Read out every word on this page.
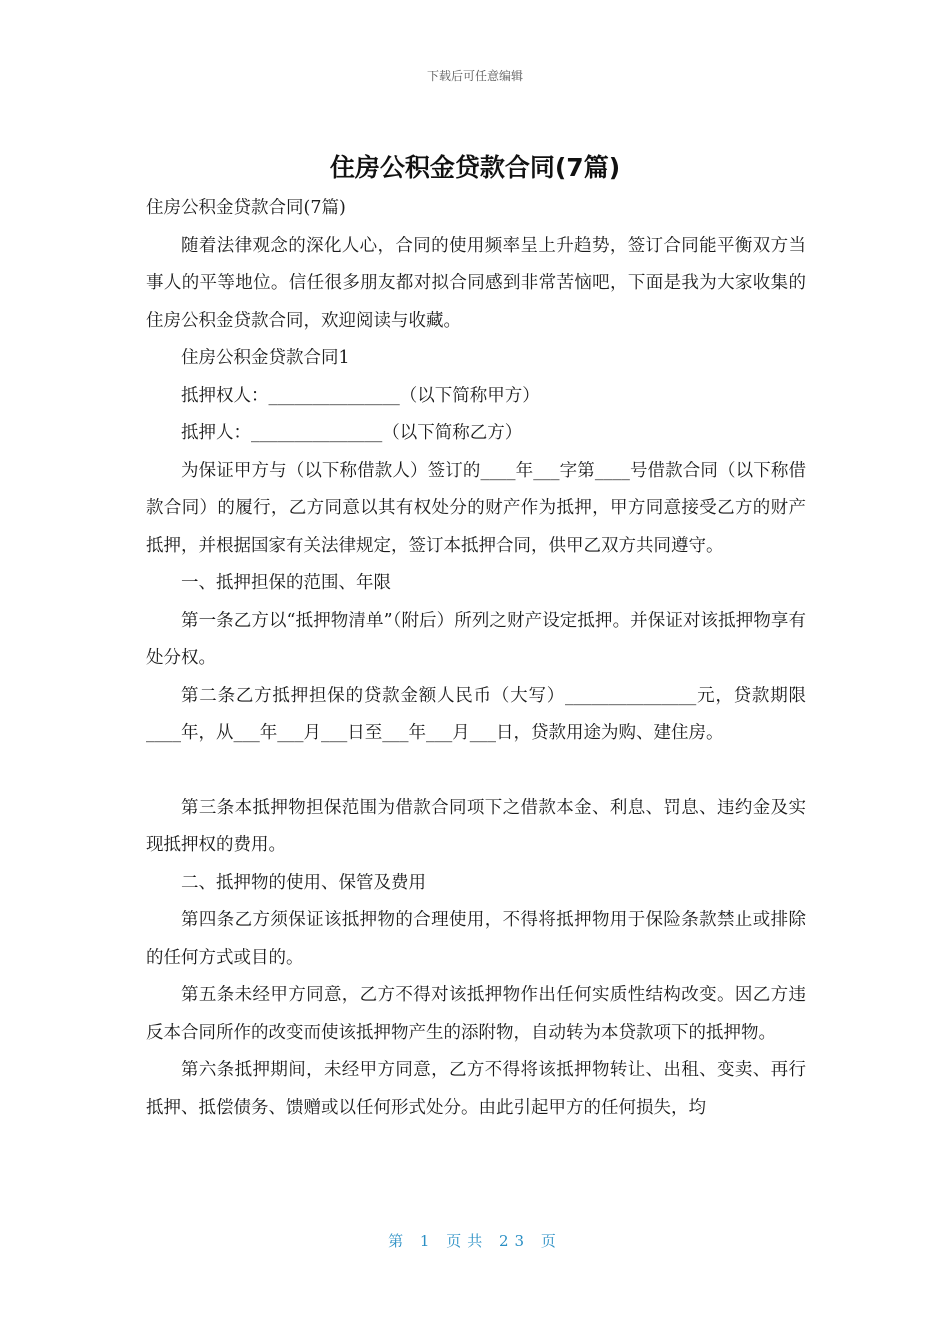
下载后可任意编辑
住房公积金贷款合同(7篇)

住房公积金贷款合同(7篇)

随着法律观念的深化人心，合同的使用频率呈上升趋势，签订合同能平衡双方当事人的平等地位。信任很多朋友都对拟合同感到非常苦恼吧，下面是我为大家收集的住房公积金贷款合同，欢迎阅读与收藏。

住房公积金贷款合同1

抵押权人：_______________（以下简称甲方）

抵押人：_______________（以下简称乙方）

为保证甲方与（以下称借款人）签订的____年___字第____号借款合同（以下称借款合同）的履行，乙方同意以其有权处分的财产作为抵押，甲方同意接受乙方的财产抵押，并根据国家有关法律规定，签订本抵押合同，供甲乙双方共同遵守。

一、抵押担保的范围、年限

第一条乙方以“抵押物清单”（附后）所列之财产设定抵押。并保证对该抵押物享有处分权。

第二条乙方抵押担保的贷款金额人民币（大写）_______________元，贷款期限____年，从___年___月___日至___年___月___日，贷款用途为购、建住房。

第三条本抵押物担保范围为借款合同项下之借款本金、利息、罚息、违约金及实现抵押权的费用。

二、抵押物的使用、保管及费用

第四条乙方须保证该抵押物的合理使用，不得将抵押物用于保险条款禁止或排除的任何方式或目的。

第五条未经甲方同意，乙方不得对该抵押物作出任何实质性结构改变。因乙方违反本合同所作的改变而使该抵押物产生的添附物，自动转为本贷款项下的抵押物。

第六条抵押期间，未经甲方同意，乙方不得将该抵押物转让、出租、变卖、再行抵押、抵偿债务、馈赠或以任何形式处分。由此引起甲方的任何损失，均

第 1 页共 23 页
